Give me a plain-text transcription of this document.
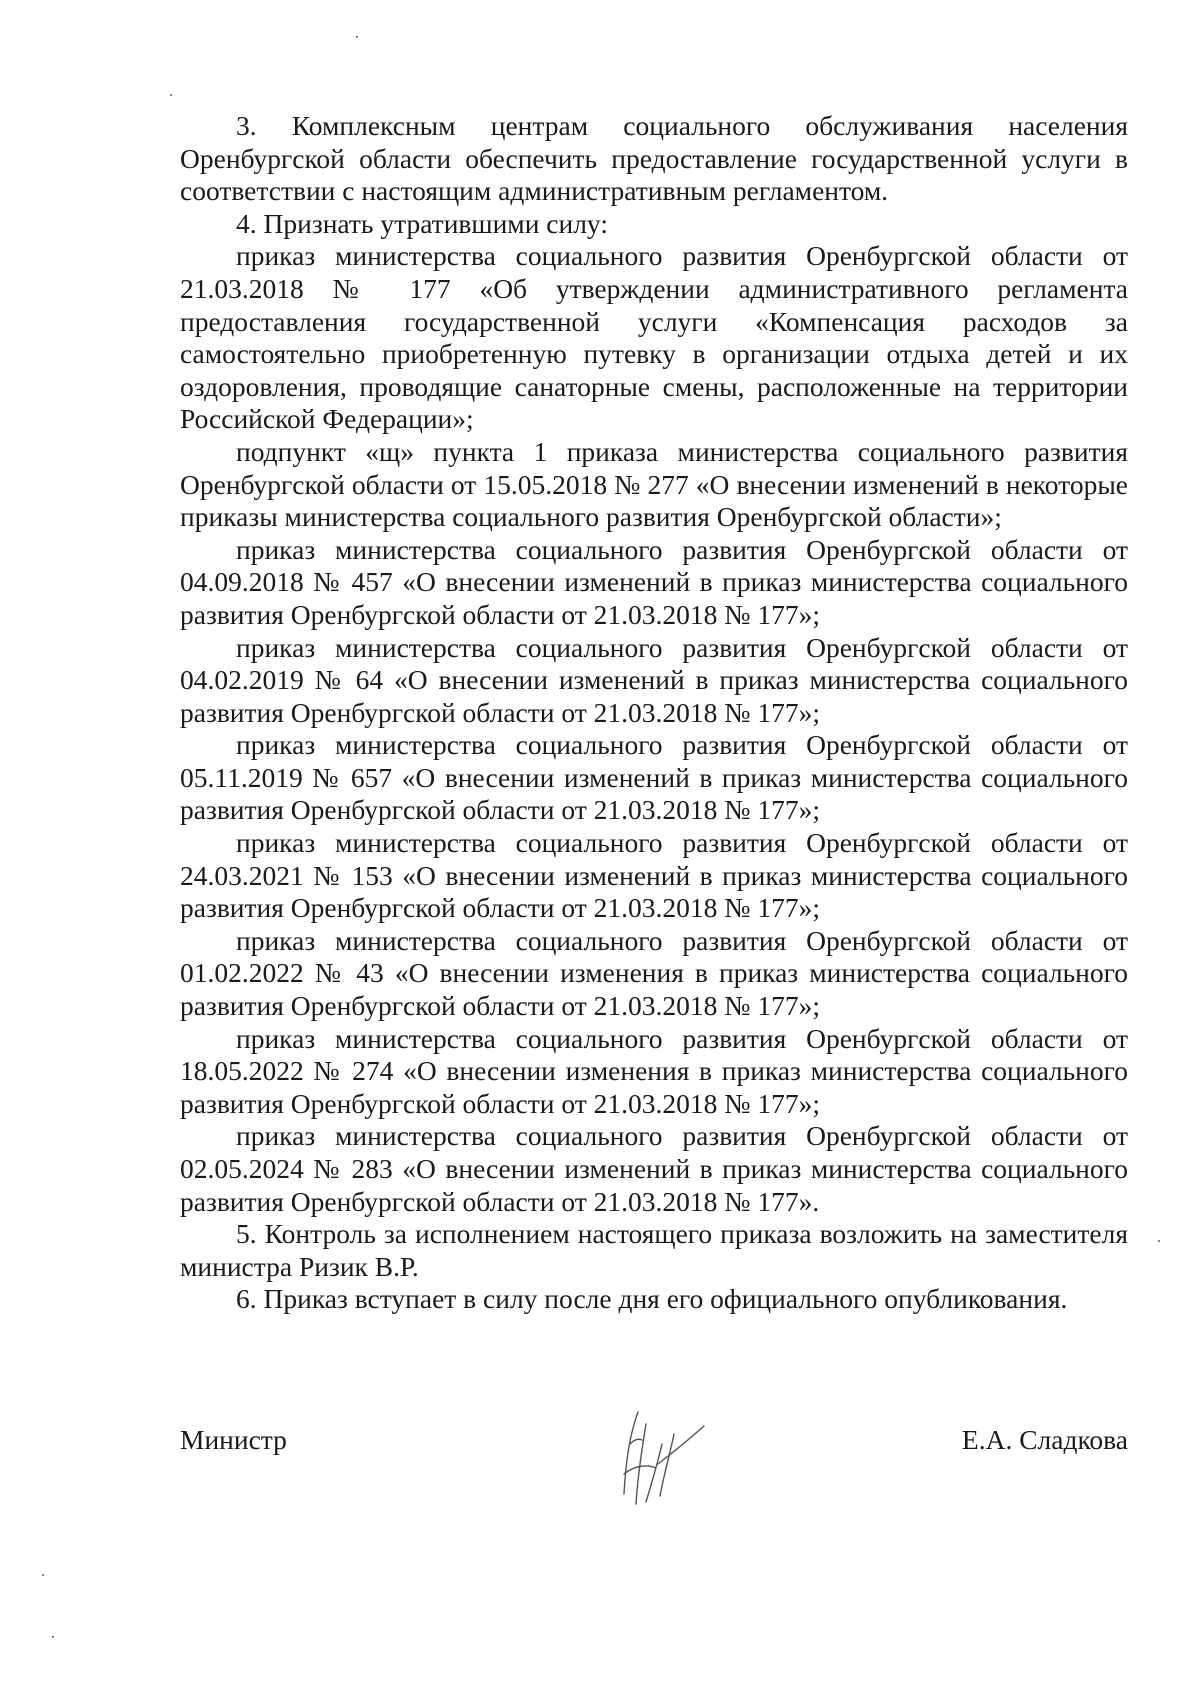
3. Комплексным центрам социального обслуживания населения Оренбургской области обеспечить предоставление государственной услуги в соответствии с настоящим административным регламентом.

4. Признать утратившими силу:

приказ министерства социального развития Оренбургской области от 21.03.2018 № 177 «Об утверждении административного регламента предоставления государственной услуги «Компенсация расходов за самостоятельно приобретенную путевку в организации отдыха детей и их оздоровления, проводящие санаторные смены, расположенные на территории Российской Федерации»;

подпункт «щ» пункта 1 приказа министерства социального развития Оренбургской области от 15.05.2018 № 277 «О внесении изменений в некоторые приказы министерства социального развития Оренбургской области»;

приказ министерства социального развития Оренбургской области от 04.09.2018 № 457 «О внесении изменений в приказ министерства социального развития Оренбургской области от 21.03.2018 № 177»;

приказ министерства социального развития Оренбургской области от 04.02.2019 № 64 «О внесении изменений в приказ министерства социального развития Оренбургской области от 21.03.2018 № 177»;

приказ министерства социального развития Оренбургской области от 05.11.2019 № 657 «О внесении изменений в приказ министерства социального развития Оренбургской области от 21.03.2018 № 177»;

приказ министерства социального развития Оренбургской области от 24.03.2021 № 153 «О внесении изменений в приказ министерства социального развития Оренбургской области от 21.03.2018 № 177»;

приказ министерства социального развития Оренбургской области от 01.02.2022 № 43 «О внесении изменения в приказ министерства социального развития Оренбургской области от 21.03.2018 № 177»;

приказ министерства социального развития Оренбургской области от 18.05.2022 № 274 «О внесении изменения в приказ министерства социального развития Оренбургской области от 21.03.2018 № 177»;

приказ министерства социального развития Оренбургской области от 02.05.2024 № 283 «О внесении изменений в приказ министерства социального развития Оренбургской области от 21.03.2018 № 177».

5. Контроль за исполнением настоящего приказа возложить на заместителя министра Ризик В.Р.

6. Приказ вступает в силу после дня его официального опубликования.

Министр	Е.А. Сладкова
